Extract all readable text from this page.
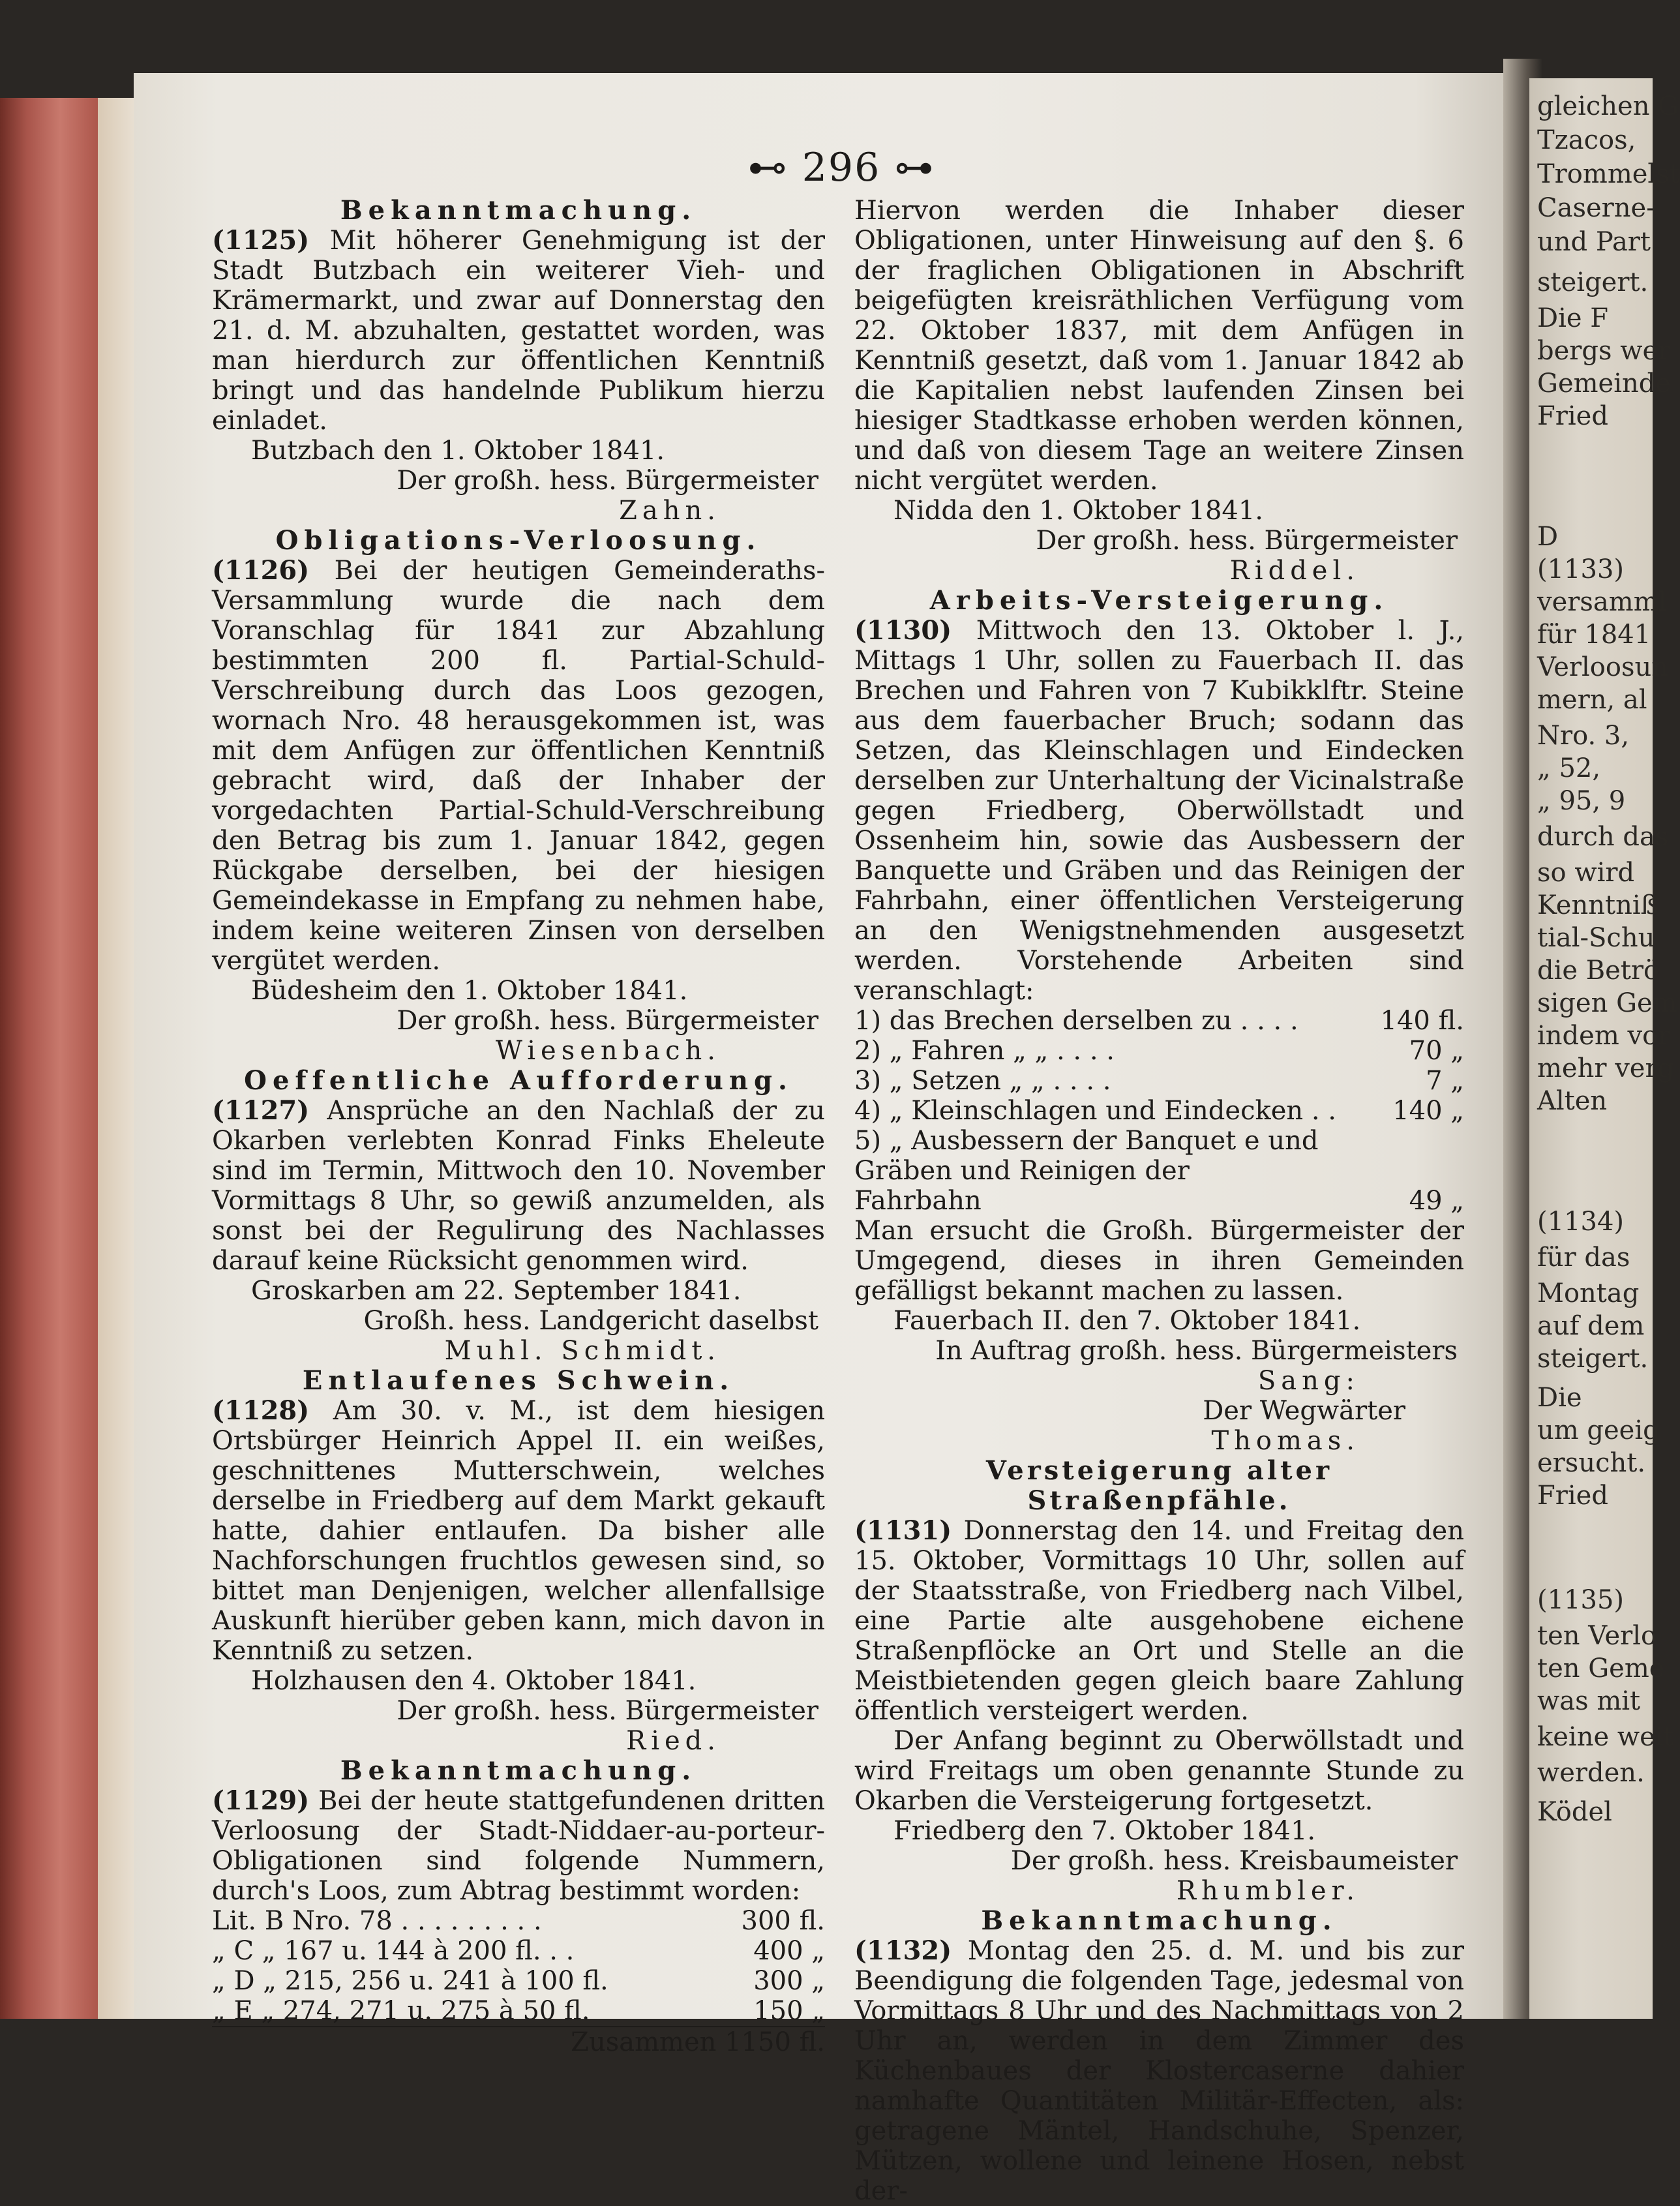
gleichen G
Tzacos,
Trommelst
Caserne-
und Part
steigert.
Die F
bergs wer
Gemeinde
Fried
D
(1133)
versamml
für 1841
Verloosun
mern, al
Nro. 3,
„ 52,
„ 95, 9
durch das
so wird
Kenntniß
tial-Schu
die Betrö
sigen Gem
indem vor
mehr verg
Alten
(1134)
für das
Montag
auf dem
steigert.
Die
um geeig
ersucht.
Fried
(1135)
ten Verlo
ten Geme
was mit
keine weit
werden.
Ködel
⊷ 296 ⊶
Bekanntmachung.
(1125) Mit höherer Genehmigung ist der Stadt Butzbach ein weiterer Vieh- und Krämermarkt, und zwar auf Donnerstag den 21. d. M. abzuhalten, gestattet worden, was man hierdurch zur öffentlichen Kenntniß bringt und das handelnde Publikum hierzu einladet.
Butzbach den 1. Oktober 1841.
Der großh. hess. Bürgermeister
Zahn.
Obligations-Verloosung.
(1126) Bei der heutigen Gemeinderaths-Versammlung wurde die nach dem Voranschlag für 1841 zur Abzahlung bestimmten 200 fl. Partial-Schuld-Verschreibung durch das Loos gezogen, wornach Nro. 48 herausgekommen ist, was mit dem Anfügen zur öffentlichen Kenntniß gebracht wird, daß der Inhaber der vorgedachten Partial-Schuld-Verschreibung den Betrag bis zum 1. Januar 1842, gegen Rückgabe derselben, bei der hiesigen Gemeindekasse in Empfang zu nehmen habe, indem keine weiteren Zinsen von derselben vergütet werden.
Büdesheim den 1. Oktober 1841.
Der großh. hess. Bürgermeister
Wiesenbach.
Oeffentliche Aufforderung.
(1127) Ansprüche an den Nachlaß der zu Okarben verlebten Konrad Finks Eheleute sind im Termin, Mittwoch den 10. November Vormittags 8 Uhr, so gewiß anzumelden, als sonst bei der Regulirung des Nachlasses darauf keine Rücksicht genommen wird.
Groskarben am 22. September 1841.
Großh. hess. Landgericht daselbst
Muhl. Schmidt.
Entlaufenes Schwein.
(1128) Am 30. v. M., ist dem hiesigen Ortsbürger Heinrich Appel II. ein weißes, geschnittenes Mutterschwein, welches derselbe in Friedberg auf dem Markt gekauft hatte, dahier entlaufen. Da bisher alle Nachforschungen fruchtlos gewesen sind, so bittet man Denjenigen, welcher allenfallsige Auskunft hierüber geben kann, mich davon in Kenntniß zu setzen.
Holzhausen den 4. Oktober 1841.
Der großh. hess. Bürgermeister
Ried.
Bekanntmachung.
(1129) Bei der heute stattgefundenen dritten Verloosung der Stadt-Niddaer-au-porteur-Obligationen sind folgende Nummern, durch's Loos, zum Abtrag bestimmt worden:
Lit. B Nro. 78 . . . . . . . . .	300 fl.
„ C „ 167 u. 144 à 200 fl. . .	400 „
„ D „ 215, 256 u. 241 à 100 fl.	300 „
„ E „ 274, 271 u. 275 à 50 fl.	150 „
Zusammen 1150 fl.
Hiervon werden die Inhaber dieser Obligationen, unter Hinweisung auf den §. 6 der fraglichen Obligationen in Abschrift beigefügten kreisräthlichen Verfügung vom 22. Oktober 1837, mit dem Anfügen in Kenntniß gesetzt, daß vom 1. Januar 1842 ab die Kapitalien nebst laufenden Zinsen bei hiesiger Stadtkasse erhoben werden können, und daß von diesem Tage an weitere Zinsen nicht vergütet werden.
Nidda den 1. Oktober 1841.
Der großh. hess. Bürgermeister
Riddel.
Arbeits-Versteigerung.
(1130) Mittwoch den 13. Oktober l. J., Mittags 1 Uhr, sollen zu Fauerbach II. das Brechen und Fahren von 7 Kubikklftr. Steine aus dem fauerbacher Bruch; sodann das Setzen, das Kleinschlagen und Eindecken derselben zur Unterhaltung der Vicinalstraße gegen Friedberg, Oberwöllstadt und Ossenheim hin, sowie das Ausbessern der Banquette und Gräben und das Reinigen der Fahrbahn, einer öffentlichen Versteigerung an den Wenigstnehmenden ausgesetzt werden. Vorstehende Arbeiten sind veranschlagt:
1) das Brechen derselben zu . . . .	140 fl.
2) „ Fahren „ „ . . . .	70 „
3) „ Setzen „ „ . . . .	7 „
4) „ Kleinschlagen und Eindecken . .	140 „
5) „ Ausbessern der Banquet e und Gräben und Reinigen der Fahrbahn	49 „
Man ersucht die Großh. Bürgermeister der Umgegend, dieses in ihren Gemeinden gefälligst bekannt machen zu lassen.
Fauerbach II. den 7. Oktober 1841.
In Auftrag großh. hess. Bürgermeisters
Sang:
Der Wegwärter
Thomas.
Versteigerung alter Straßenpfähle.
(1131) Donnerstag den 14. und Freitag den 15. Oktober, Vormittags 10 Uhr, sollen auf der Staatsstraße, von Friedberg nach Vilbel, eine Partie alte ausgehobene eichene Straßenpflöcke an Ort und Stelle an die Meistbietenden gegen gleich baare Zahlung öffentlich versteigert werden.
Der Anfang beginnt zu Oberwöllstadt und wird Freitags um oben genannte Stunde zu Okarben die Versteigerung fortgesetzt.
Friedberg den 7. Oktober 1841.
Der großh. hess. Kreisbaumeister
Rhumbler.
Bekanntmachung.
(1132) Montag den 25. d. M. und bis zur Beendigung die folgenden Tage, jedesmal von Vormittags 8 Uhr und des Nachmittags von 2 Uhr an, werden in dem Zimmer des Küchenbaues der Klostercaserne dahier namhafte Quantitäten Militär-Effecten, als: getragene Mäntel, Handschuhe, Spenzer, Mützen, wollene und leinene Hosen, nebst der-
